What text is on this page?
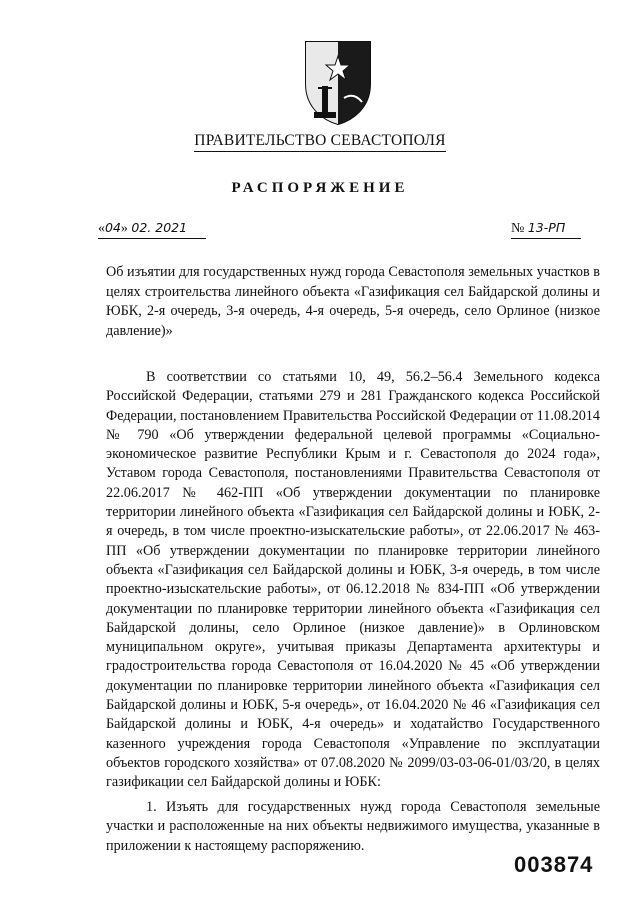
ПРАВИТЕЛЬСТВО СЕВАСТОПОЛЯ
РАСПОРЯЖЕНИЕ
«04» 02. 2021	№ 13-РП
Об изъятии для государственных нужд города Севастополя земельных участков в целях строительства линейного объекта «Газификация сел Байдарской долины и ЮБК, 2-я очередь, 3-я очередь, 4-я очередь, 5-я очередь, село Орлиное (низкое давление)»
В соответствии со статьями 10, 49, 56.2–56.4 Земельного кодекса Российской Федерации, статьями 279 и 281 Гражданского кодекса Российской Федерации, постановлением Правительства Российской Федерации от 11.08.2014 № 790 «Об утверждении федеральной целевой программы «Социально-экономическое развитие Республики Крым и г. Севастополя до 2024 года», Уставом города Севастополя, постановлениями Правительства Севастополя от 22.06.2017 № 462-ПП «Об утверждении документации по планировке территории линейного объекта «Газификация сел Байдарской долины и ЮБК, 2-я очередь, в том числе проектно-изыскательские работы», от 22.06.2017 № 463-ПП «Об утверждении документации по планировке территории линейного объекта «Газификация сел Байдарской долины и ЮБК, 3-я очередь, в том числе проектно-изыскательские работы», от 06.12.2018 № 834-ПП «Об утверждении документации по планировке территории линейного объекта «Газификация сел Байдарской долины, село Орлиное (низкое давление)» в Орлиновском муниципальном округе», учитывая приказы Департамента архитектуры и градостроительства города Севастополя от 16.04.2020 № 45 «Об утверждении документации по планировке территории линейного объекта «Газификация сел Байдарской долины и ЮБК, 5-я очередь», от 16.04.2020 № 46 «Газификация сел Байдарской долины и ЮБК, 4-я очередь» и ходатайство Государственного казенного учреждения города Севастополя «Управление по эксплуатации объектов городского хозяйства» от 07.08.2020 № 2099/03-03-06-01/03/20, в целях газификации сел Байдарской долины и ЮБК:
1. Изъять для государственных нужд города Севастополя земельные участки и расположенные на них объекты недвижимого имущества, указанные в приложении к настоящему распоряжению.
003874
